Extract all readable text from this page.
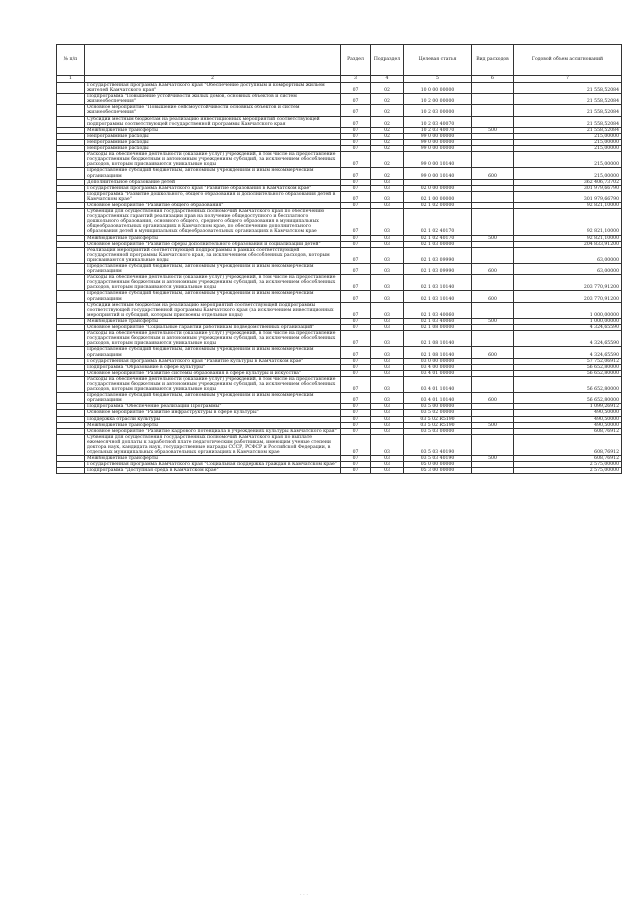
№ п/п		Раздел	Подраздел	Целевая статья	Вид расходов	Годовой объем ассигнований
1	2	3	4	5	6	7
	Государственная программа Камчатского края "Обеспечение доступным и комфортным жильем жителей Камчатского края"	07	02	10 0 00 00000		21 558,52084
	Подпрограмма "Повышение устойчивости жилых домов, основных объектов и систем жизнеобеспечения"	07	02	10 2 00 00000		21 558,52084
	Основное мероприятие "Повышение сейсмоустойчивости основных объектов и систем жизнеобеспечения"	07	02	10 2 03 00000		21 558,52084
	Субсидии местным бюджетам на реализацию инвестиционных мероприятий соответствующей подпрограммы соответствующей государственной программы Камчатского края	07	02	10 2 03 40070		21 558,52084
	Межбюджетные трансферты	07	02	10 2 03 40070	500	21 558,52084
	Непрограммные расходы	07	02	99 0 00 00000		215,00000
	Непрограммные расходы	07	02	99 0 00 00000		215,00000
	Непрограммные расходы	07	02	99 0 00 00000		215,00000
	Расходы на обеспечение деятельности (оказание услуг) учреждений, в том числе на предоставление государственным бюджетным и автономным учреждениям субсидий, за исключением обособленных расходов, которым присваиваются уникальные коды	07	02	99 0 00 10140		215,00000
	Предоставление субсидий бюджетным, автономным учреждениям и иным некоммерческим организациям	07	02	99 0 00 10140	600	215,00000
	Дополнительное образование детей	07	03			362 406,73702
	Государственная программа Камчатского края "Развитие образования в Камчатском крае"	07	03	02 0 00 00000		301 979,66790
	Подпрограмма "Развитие дошкольного, общего образования и дополнительного образования детей в Камчатском крае"	07	03	02 1 00 00000		301 979,66790
	Основное мероприятие "Развитие общего образования"	07	03	02 1 02 00000		92 821,10000
	Субвенции для осуществления государственных полномочий Камчатского края по обеспечению государственных гарантий реализации прав на получение общедоступного и бесплатного дошкольного образования, основного общего, среднего общего образования в муниципальных общеобразовательных организациях в Камчатском крае, по обеспечению дополнительного образования детей в муниципальных общеобразовательных организациях в Камчатском крае	07	03	02 1 02 40170		92 821,10000
	Межбюджетные трансферты	07	03	02 1 02 40170	500	92 821,10000
	Основное мероприятие "Развитие сферы дополнительного образования и социализации детей"	07	03	02 1 03 00000		204 833,91200
	Реализация мероприятий соответствующей подпрограммы в рамках соответствующей государственной программы Камчатского края, за исключением обособленных расходов, которым присваиваются уникальные коды	07	03	02 1 03 09990		63,00000
	Предоставление субсидий бюджетным, автономным учреждениям и иным некоммерческим организациям	07	03	02 1 03 09990	600	63,00000
	Расходы на обеспечение деятельности (оказание услуг) учреждений, в том числе на предоставление государственным бюджетным и автономным учреждениям субсидий, за исключением обособленных расходов, которым присваиваются уникальные коды	07	03	02 1 03 10140		203 770,91200
	Предоставление субсидий бюджетным, автономным учреждениям и иным некоммерческим организациям	07	03	02 1 03 10140	600	203 770,91200
	Субсидии местным бюджетам на реализацию мероприятий соответствующей подпрограммы соответствующей государственной программы Камчатского края (за исключением инвестиционных мероприятий и субсидий, которым присвоены отдельные коды)	07	03	02 1 03 40060		1 000,00000
	Межбюджетные трансферты	07	03	02 1 03 40060	500	1 000,00000
	Основное мероприятие "Социальные гарантии работникам подведомственных организаций"	07	03	02 1 08 00000		4 324,65590
	Расходы на обеспечение деятельности (оказание услуг) учреждений, в том числе на предоставление государственным бюджетным и автономным учреждениям субсидий, за исключением обособленных расходов, которым присваиваются уникальные коды	07	03	02 1 08 10140		4 324,65590
	Предоставление субсидий бюджетным, автономным учреждениям и иным некоммерческим организациям	07	03	02 1 08 10140	600	4 324,65590
	Государственная программа Камчатского края "Развитие культуры в Камчатском крае"	07	03	03 0 00 00000		57 752,06912
	Подпрограмма "Образование в сфере культуры"	07	03	03 4 00 00000		56 652,80000
	Основное мероприятие "Развитие системы образования в сфере культуры и искусства"	07	03	03 4 01 00000		56 652,80000
	Расходы на обеспечение деятельности (оказание услуг) учреждений, в том числе на предоставление государственным бюджетным и автономным учреждениям субсидий, за исключением обособленных расходов, которым присваиваются уникальные коды	07	03	03 4 01 10140		56 652,80000
	Предоставление субсидий бюджетным, автономным учреждениям и иным некоммерческим организациям	07	03	03 4 01 10140	600	56 652,80000
	Подпрограмма "Обеспечение реализации Программы"	07	03	03 5 00 00000		1 099,26912
	Основное мероприятие "Развитие инфраструктуры в сфере культуры"	07	03	03 5 02 00000		490,50000
	Поддержка отрасли культуры	07	03	03 5 02 R5190		490,50000
	Межбюджетные трансферты	07	03	03 5 02 R5190	500	490,50000
	Основное мероприятие "Развитие кадрового потенциала в учреждениях культуры Камчатского края"	07	03	03 5 03 00000		608,76912
	Субвенции для осуществления государственных полномочий Камчатского края по выплате ежемесячной доплаты к заработной плате педагогическим работникам, имеющим ученые степени доктора наук, кандидата наук, государственные награды СССР, РСФСР и Российской Федерации, в отдельных муниципальных образовательных организациях в Камчатском крае	07	03	03 5 03 40190		608,76912
	Межбюджетные трансферты	07	03	03 5 03 40190	500	608,76912
	Государственная программа Камчатского края "Социальная поддержка граждан в Камчатском крае"	07	03	05 0 00 00000		2 575,00000
	Подпрограмма "Доступная среда в Камчатском крае"	07	03	05 3 00 00000		2 575,00000
· · ·
